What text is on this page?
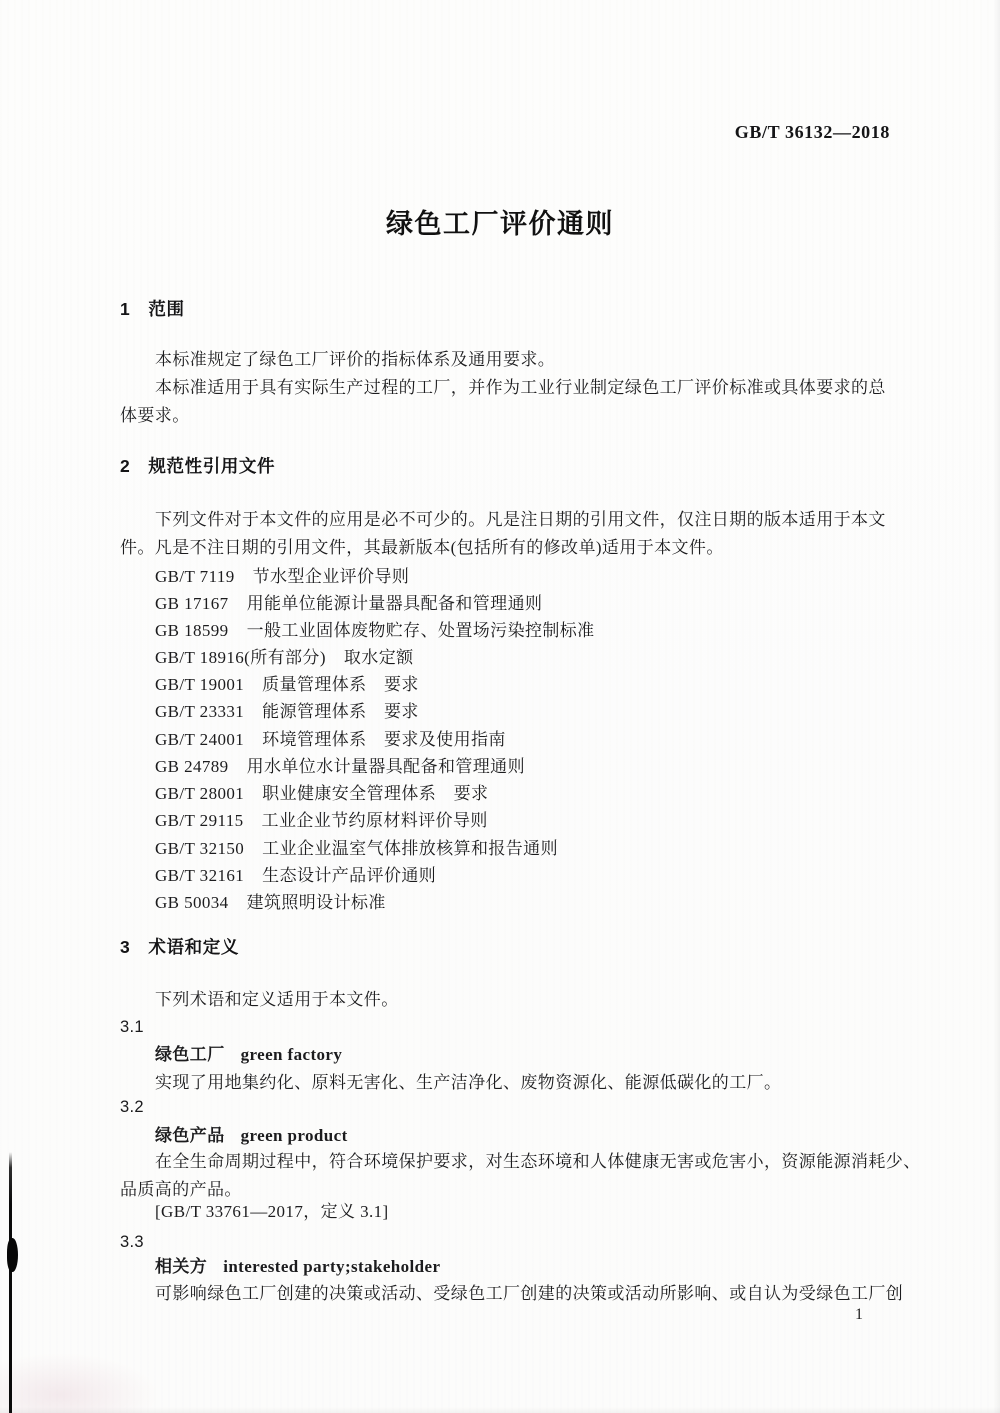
GB/T 36132—2018
绿色工厂评价通则
1　范围
本标准规定了绿色工厂评价的指标体系及通用要求。
本标准适用于具有实际生产过程的工厂，并作为工业行业制定绿色工厂评价标准或具体要求的总
体要求。
2　规范性引用文件
下列文件对于本文件的应用是必不可少的。凡是注日期的引用文件，仅注日期的版本适用于本文
件。凡是不注日期的引用文件，其最新版本(包括所有的修改单)适用于本文件。
GB/T 7119 节水型企业评价导则
GB 17167 用能单位能源计量器具配备和管理通则
GB 18599 一般工业固体废物贮存、处置场污染控制标准
GB/T 18916(所有部分) 取水定额
GB/T 19001 质量管理体系　要求
GB/T 23331 能源管理体系　要求
GB/T 24001 环境管理体系　要求及使用指南
GB 24789 用水单位水计量器具配备和管理通则
GB/T 28001 职业健康安全管理体系　要求
GB/T 29115 工业企业节约原材料评价导则
GB/T 32150 工业企业温室气体排放核算和报告通则
GB/T 32161 生态设计产品评价通则
GB 50034 建筑照明设计标准
3　术语和定义
下列术语和定义适用于本文件。
3.1
绿色工厂 green factory
实现了用地集约化、原料无害化、生产洁净化、废物资源化、能源低碳化的工厂。
3.2
绿色产品 green product
在全生命周期过程中，符合环境保护要求，对生态环境和人体健康无害或危害小，资源能源消耗少、
品质高的产品。
[GB/T 33761—2017，定义 3.1]
3.3
相关方 interested party;stakeholder
可影响绿色工厂创建的决策或活动、受绿色工厂创建的决策或活动所影响、或自认为受绿色工厂创
1
